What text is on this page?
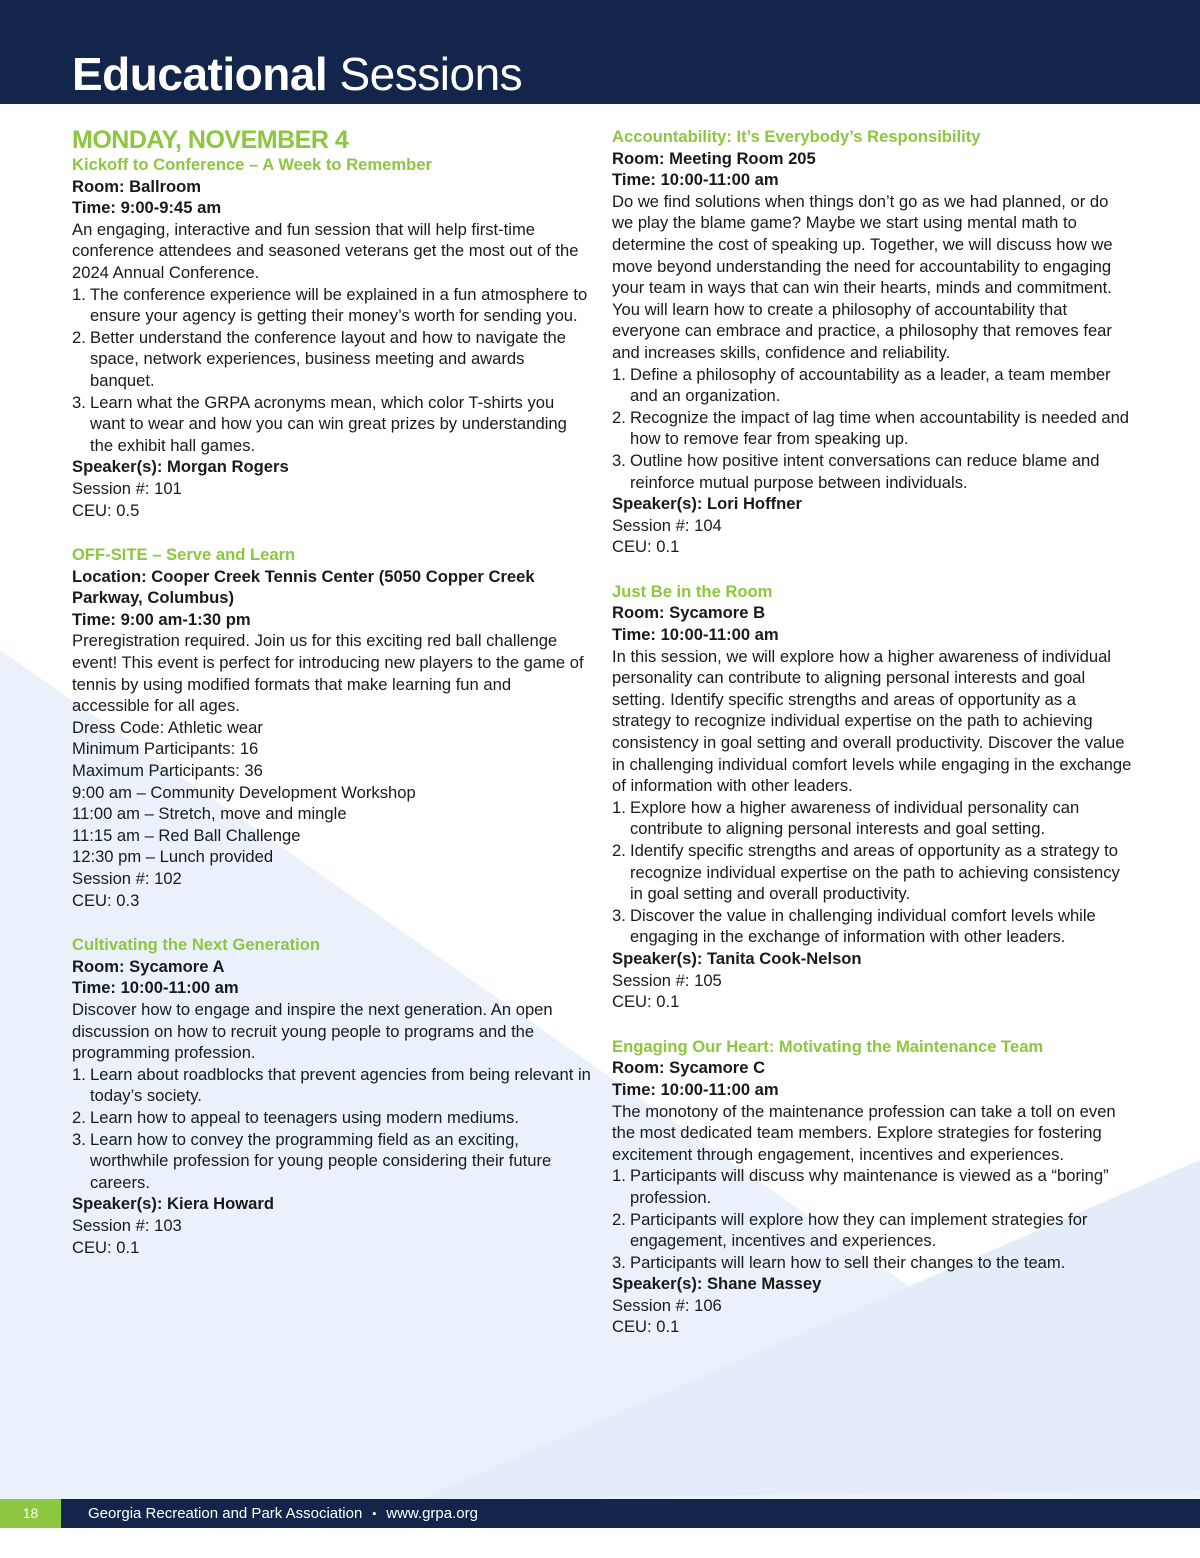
Educational Sessions
MONDAY, NOVEMBER 4
Kickoff to Conference – A Week to Remember
Room: Ballroom
Time: 9:00-9:45 am
An engaging, interactive and fun session that will help first-time conference attendees and seasoned veterans get the most out of the 2024 Annual Conference.
1. The conference experience will be explained in a fun atmosphere to ensure your agency is getting their money’s worth for sending you.
2. Better understand the conference layout and how to navigate the space, network experiences, business meeting and awards banquet.
3. Learn what the GRPA acronyms mean, which color T-shirts you want to wear and how you can win great prizes by understanding the exhibit hall games.
Speaker(s): Morgan Rogers
Session #: 101
CEU: 0.5
OFF-SITE – Serve and Learn
Location: Cooper Creek Tennis Center (5050 Copper Creek Parkway, Columbus)
Time: 9:00 am-1:30 pm
Preregistration required. Join us for this exciting red ball challenge event! This event is perfect for introducing new players to the game of tennis by using modified formats that make learning fun and accessible for all ages.
Dress Code: Athletic wear
Minimum Participants: 16
Maximum Participants: 36
9:00 am – Community Development Workshop
11:00 am – Stretch, move and mingle
11:15 am – Red Ball Challenge
12:30 pm – Lunch provided
Session #: 102
CEU: 0.3
Cultivating the Next Generation
Room: Sycamore A
Time: 10:00-11:00 am
Discover how to engage and inspire the next generation. An open discussion on how to recruit young people to programs and the programming profession.
1. Learn about roadblocks that prevent agencies from being relevant in today’s society.
2. Learn how to appeal to teenagers using modern mediums.
3. Learn how to convey the programming field as an exciting, worthwhile profession for young people considering their future careers.
Speaker(s): Kiera Howard
Session #: 103
CEU: 0.1
Accountability: It’s Everybody’s Responsibility
Room: Meeting Room 205
Time: 10:00-11:00 am
Do we find solutions when things don’t go as we had planned, or do we play the blame game? Maybe we start using mental math to determine the cost of speaking up. Together, we will discuss how we move beyond understanding the need for accountability to engaging your team in ways that can win their hearts, minds and commitment. You will learn how to create a philosophy of accountability that everyone can embrace and practice, a philosophy that removes fear and increases skills, confidence and reliability.
1. Define a philosophy of accountability as a leader, a team member and an organization.
2. Recognize the impact of lag time when accountability is needed and how to remove fear from speaking up.
3. Outline how positive intent conversations can reduce blame and reinforce mutual purpose between individuals.
Speaker(s): Lori Hoffner
Session #: 104
CEU: 0.1
Just Be in the Room
Room: Sycamore B
Time: 10:00-11:00 am
In this session, we will explore how a higher awareness of individual personality can contribute to aligning personal interests and goal setting. Identify specific strengths and areas of opportunity as a strategy to recognize individual expertise on the path to achieving consistency in goal setting and overall productivity. Discover the value in challenging individual comfort levels while engaging in the exchange of information with other leaders.
1. Explore how a higher awareness of individual personality can contribute to aligning personal interests and goal setting.
2. Identify specific strengths and areas of opportunity as a strategy to recognize individual expertise on the path to achieving consistency in goal setting and overall productivity.
3. Discover the value in challenging individual comfort levels while engaging in the exchange of information with other leaders.
Speaker(s): Tanita Cook-Nelson
Session #: 105
CEU: 0.1
Engaging Our Heart: Motivating the Maintenance Team
Room: Sycamore C
Time: 10:00-11:00 am
The monotony of the maintenance profession can take a toll on even the most dedicated team members. Explore strategies for fostering excitement through engagement, incentives and experiences.
1. Participants will discuss why maintenance is viewed as a “boring” profession.
2. Participants will explore how they can implement strategies for engagement, incentives and experiences.
3. Participants will learn how to sell their changes to the team.
Speaker(s): Shane Massey
Session #: 106
CEU: 0.1
18	Georgia Recreation and Park Association ▪ www.grpa.org
